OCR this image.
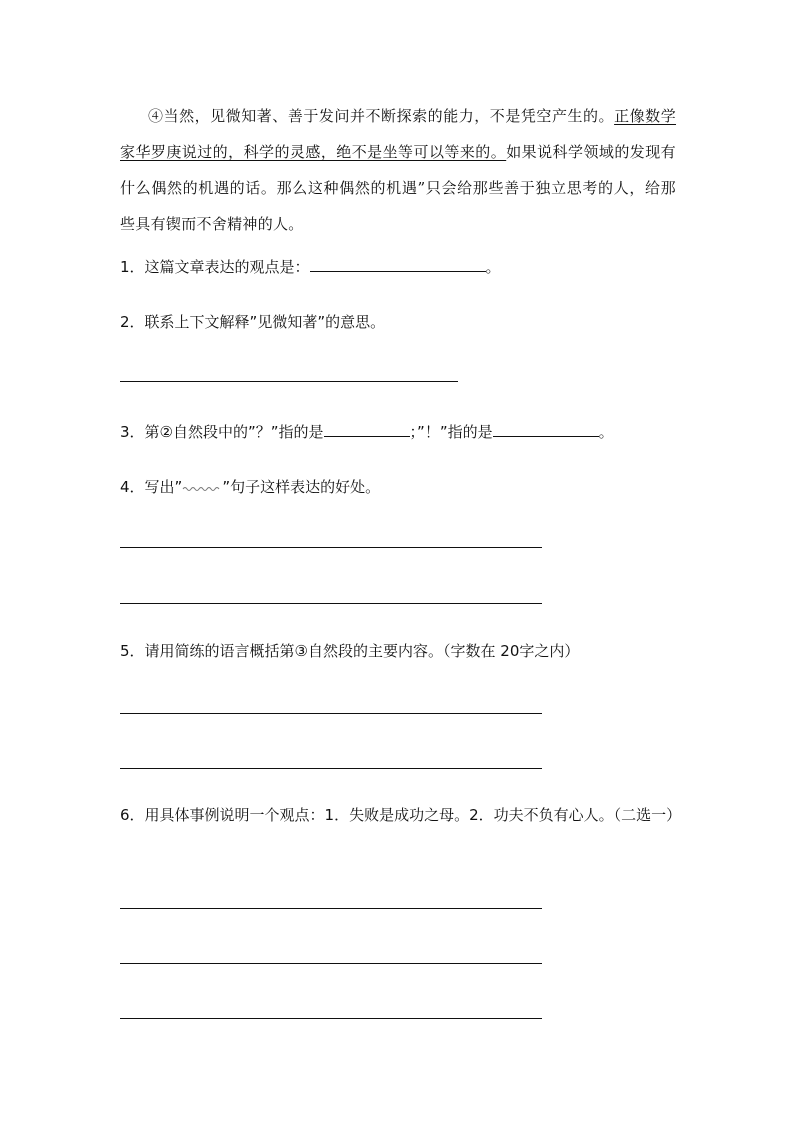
④当然，见微知著、善于发问并不断探索的能力，不是凭空产生的。正像数学家华罗庚说过的，科学的灵感，绝不是坐等可以等来的。如果说科学领域的发现有什么偶然的机遇的话。那么这种偶然的机遇”只会给那些善于独立思考的人，给那些具有锲而不舍精神的人。

1．这篇文章表达的观点是：	。
2．联系上下文解释”见微知著”的意思。
3．第②自然段中的”？”指的是	；”！”指的是	。
4．写出”	”句子这样表达的好处。
5．请用简练的语言概括第③自然段的主要内容。（字数在 20字之内）
6．用具体事例说明一个观点：1．失败是成功之母。2．功夫不负有心人。（二选一）
